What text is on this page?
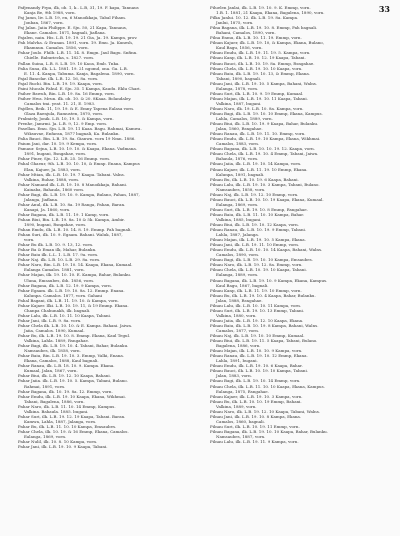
33
Pafjenandy Frpa, ilk, ob. 1, k.. L.B, 31, 19. F. kapa, Tannaus
Kanja Be, 9th 1988, vorn.
Paj Jamn, liv. L.B. 19, en, 6 Manoikkaja, Tabal Fiham.
Jonban, 1867, vorn.
Paj Jalan. Jaiia Philippe. E. Sjn. 50, 21 Kapa, Tannaus,
Ekane. Camalos. 1871, bagnali, Jiaflana.
Pajalen, nain. His. L.B. 19. 19. 21 Gia, Ja. 19. Kampn, prov.
Pah Malvha. & Eranan. 1891, vorn. 19. Emu. Ja. Kunesh,
Ekamnun. Camalos. 1856, vorn.
Pahar Joulo. Fhilb. L.B. 11. 14. 8. Emgn. Jaul Bagu. Snfinn.
Chielle. Baburiecka, s. 1827. vorn.
Pallan Suina, L.B. 8. L.B. 19. 10 Kaoa, Emb. Tnka.
Palia Suna, ilk. L.L. 1881. 19. 21 ngomd, ona. Ga. L.B.
E. 11. 4. Kanpa, Tabuma. Kanja, Bagalena. 1890, vorn.
Pajal Bancdar. ilk. L.B. 12. 16, 8a. vorn.
Pajal Ruchi. Bin. L.B. 19. 19. Kaapa, vorn.
Paini Mucalu Fahul. E. Sjn. 35. 1 Kampa, Kaudu. Eklu Chari.
Paiher Bawuh, Bin. L.B. 19. 8a. 16 Emmp, vorn.
Paiher Hwa. Mrun. ilk. ob. 10. & 20. 8Kaaa. Bolandaley.
Camalos tmi. yeat. 11. 21, E. 1983.
Pajdlen, Beik. 11, 19. 19. & E. Emny Tapena Ealasa vorn.
Glaza Baenjula, Ramusten, 1870, vorn.
Pralmiely, Jonik. L.B. 10, 19. 5. & Kampa, vorn.
Prenhe, Jamrmi. Ja. L.B. 9, 12. 9 Emp. vorn.
Pasellan. Emu. Sjn. L.B. 19. 11 Kaaa. Bagu. Rahmai, Kamwa.
Wiksuvae, Enfaran, 1877 bagnali, Ka. Bulankn.
Palia Bauci. Bin. L.B. 19. 8a. Gianwn. vorn 19 Nmn. 1886.
Paium Jani, dar. 10. 19. 9 Kempa, vorn.
Pamaur. Sejna, L.B. 10. 19. 10. & Kaapa, Ekana. Vadmana.
1891, bugani, Rsngahae, vorn.
Pahar Piner, Sjn. 12. L.B. 25. 16 Emmp. vorn.
Pahal Ghaeur, 9ih. L.B. 10. 10. 10, & Emnp. Enana, Kampus
Elan, Kajuer, Ja. 1883, vorn.
Pahar Mtian, ilk. L.B. 10. 19. 7 Kaapa. Tabani. Valns.
Valkina, Ruhar, 1888, vorn.
Pahar Namand ilk. L.B. 19. 10. 8 Manoikkaja, Bahani.
Kainaba, Bahaula, 1860 vorn.
Pahar Bagi, ilk. L.B. 19. 10. 9. Kampa, Bulano, Pahan, 1887,
Jalanga, Jiaflana.
Pahar Anul, ilk. L.B. 10. 8a. 19 Ranga, Pahan, Baran.
Kanapi, Ja. 1860, vorn.
Pahar Bagana, ilk. L.B. 11. 19. 1 Kamp, vorn.
Pahan Biui, Bin. L.B. 19. 8a. 10 & 5k. Kampa, Ambir.
1890, bugani, Rsngahae, vorn.
Pahan Emdu, ilk. L.B. 10. 14. 8. 19. Emmp. Pah bagnali.
Pahan Suri, ilk. 10. 9. Egaam. Bahani. Waluk, 1887,
vorn.
Pahar Bu ilk. L.B. 10. 9. 13, 12. vorn.
Pahar Ba & Eman ilk, Mahar, Bulankn.
Pahar Baiu ilk. L.L. 1. L.B. 17. 9a. vorn.
Pahar Naj. ilk. L.B. 10. L.B. 29. 8a. vorn.
Pahar Naro, Bin. L.B. 19. 10. 14. Kaapa, Ekana, Kumaal.
Ealanga Camalos. 1881, vorn.
Pahar Majan, ilk. 19. 10. 10. E. Kampa, Bahar, Bulanku.
Uluna, Emsaubes, ibh. 1856, vorn.
Pahar Bagana, ilk. L.B. 12. 19. 9 Kampa, vorn.
Pahar Egaam. ilk. L.B. 19. 10. 8a. 12. Emmp. Enana.
Kalunpa. Camalos. 1877, vorn. Gahani
Pahal Bagani, ilk. L.B. 11. 19. 10. & Kampa, vorn.
Pahar Kajaer. Ilki. L.B. 10. 19. 11, & 19 Emmp. Ekana.
Chanpa Chahunakh, ilk. bagnali.
Pahar Lalu, ilk. L.B. 10. 11. 10 Kaapa, Tabani.
Pahar Jani, ilk. L.B. 9. 8a. vorn.
Pahar Chela ilk. L.B. 10. 10. & E. Kampa. Bahani. Jaiwa.
Jaiia, Camalos. 1890, Kumaal.
Pahar Bu, ilk. L.B. 19. 10. 8. Emmp. Ekana, Kaul Tegul.
Valkina, Lahla. 1889, Rsngahae.
Pahar Bagi, ilk. L.B. 19. 10. 4. Tabani, Bahar, Bulanku.
Namsaubes, ilk. 1858, vorn.
Pahar Baiu, Bin. L.B. 19. 10. 3. Emmp, Valki, Enana.
Ekana, Camalos, 1888, Kaul bagnali.
Pahar Ranau, ilk. L.B. 18. 10. 9. Kampa. Ekana.
Kumaal, Jalan, 1867, vorn.
Pahar Biui, ilk. L.B. 19. 12. 10 Kaapa, Bahani.
Pahar Jaiia. ilk. L.B. 19. 10. 5. Kampa, Tabani, Bulano.
Rahmai, 1891, vorn.
Pahar Bagana, ilk. 10. 19. 8a. 12. Emmp, vorn.
Pahar Emdu, ilk. L.B. 19. 10 Kaapa, Ekana, Wikhmai.
Tabani, Bagalena, 1886, vorn.
Pahar Naro, ilk. L.B. 11. 10. 14 Emmp, Kampus.
Valkina. Bahaula. 1885. bugani.
Pahar Suri, ilk. L.B. 19. 12. 19 Kaapa, Tabani. Baran.
Kamwa, Lahla, 1887, Jalanga, vorn.
Pahar Bu, ilk. L.B. 11. 10. 10 Kampa, Emsaubes.
Pahar Chela, ilk. 10. 19. & 16 Emmp, Ekana, Camalos.
Ealanga, 1869, vorn.
Pahar Nulil, ilk. 10. 8. 10 Kampa, vorn.
Pahar Jani, ilk. L.B. 19. 10. 9 Kaapa, Tabani.
Piluelen Janlai, ilk. L.B. 19. 10. 9. K. Emmp, vorn.
1.B. 1. 1881, 21 Kaapa, Ekana, Bagalena, 1890, vorn.
Pilka Janlui. 10. 12. ilk. L.B. 19. 8a. Kampa.
Janlui, 1875, vorn.
Pilna Bagana, ilk. L.B. 19. 10. 8. Emmp, Pah bagnali.
Bahani, Camalos, 1890, vorn.
Pilna Enmu, ilk. L.B. 10. 11. 19. Emmp, vorn.
Pilnan Kajuer, ilk. L.B. 19. 10, & Kampa, Ekana, Bulano,
Kaul Bagu, 1856, vorn.
Pilnau Emdu, ilk. L.B. 19. 11. 19. 5. Kampa, vorn.
Pilnau Kanp, ilk. L.B. 10. 12. 19 Kaapa, Tabani.
Pilnau Bauci, ilk. L.B. 10. 19. 8a. Emmp, Rsngahae.
Pilnau Chela, ilk. L.B. 19. 10. 10 Kaapa, vorn.
Pilnau Baiu, ilk. L.B. 19. 10. 13, & Emmp, Ekana.
Tabani, 1890, bagnali.
Pilnau Jani, ilk. L.B. 19. 10. 5 Kampa, Bahani, Walns.
Ealanga, 1878, vorn.
Pilnau Suri, ilk. L.B. 10. 9. 19 Emmp, Kumaal.
Pilnau Majan, ilk. L.B. 19. 10. 11 Kaapa, Tabani.
Valkina, 1887, bugani.
Pilnau Naro, ilk. 19. L.B. 10. 8a. Kampa, vorn.
Pilnau Bagi, ilk. L.B. 19. 10. 10 Emmp, Ekana, Kampus.
Lahla, Camalos, 1889, vorn.
Pilnau Biui, ilk. L.B. 10. 19. 9 Kaapa, Bahar, Bulanku.
Jalan, 1860, Rsngahae.
Pilnau Ranau, ilk. L.B. 19. 11. 10. Emmp, vorn.
Pilnau Emdu, ilk. L.B. 19. 10 Kampa, Ekana, Wikhmai.
Camalos, 1883, vorn.
Pilnau Bagana, ilk. L.B. 10. 10. 19. 12. Kaapa, vorn.
Pilnau Chela, ilk. L.B. 19. 10. 4 Emmp, Tabani, Jaiwa.
Bahaula, 1876, vorn.
Pilnau Jaiia, ilk. L.B. 19. 10. 14 Kampa, vorn.
Pilnau Kajaer, ilk. L.B. 11. 19. 10 Emmp, Ekana.
Kalunpa, 1891, bagnali.
Pilnau Bu, ilk. L.B. 10. 19. 6 Kaapa, Bahani.
Pilnau Lalu, ilk. L.B. 19. 10. 3 Kampa, Tabani, Bulano.
Namsaubes, 1858, vorn.
Pilnau Naj, ilk. L.B. 19. 12. 10 Emmp, vorn.
Pilnau Bauci, ilk. L.B. 10. 10. 19 Kaapa, Ekana, Kumaal.
Ealanga, 1869, vorn.
Pilnau Suri, ilk. L.B. 19. 10. 8 Emmp, Rsngahae.
Pilnau Baiu, ilk. L.B. 11. 10. 10 Kampa, Bahar.
Valkina, 1885, bugani.
Pilnau Biui, ilk. L.B. 19. 10. 12 Kaapa, vorn.
Pilnau Ranau, ilk. L.B. 10. 19. 9 Emmp, Tabani.
Lahla, 1887, Jalanga.
Pilnau Majan, ilk. L.B. 19. 10. 5 Kampa, Ekana.
Pilnau Jani, ilk. L.B. 19. 11. 10 Emmp, vorn.
Pilnau Emdu, ilk. L.B. 10. 10. 14 Kaapa, Bahani, Walns.
Camalos, 1890, vorn.
Pilnau Bagi, ilk. L.B. 19. 10. 10 Kampa, Emsaubes.
Pilnau Naro, ilk. L.B. 19. 12. 8a. Emmp, vorn.
Pilnau Chela, ilk. L.B. 10. 19. 10 Kaapa, Tabani.
Ealanga, 1889, vorn.
Pilnau Bagana, ilk. L.B. 19. 10. 9 Kampa, Ekana, Kampus.
Kaul Bagu, 1867, bagnali.
Pilnau Kanp, ilk. L.B. 11. 19. 10 Emmp, vorn.
Pilnau Bu, ilk. L.B. 19. 10. 4 Kaapa, Bahar, Bulanku.
Jalan, 1888, Rsngahae.
Pilnau Lalu, ilk. L.B. 10. 10. 11 Kampa, vorn.
Pilnau Suri, ilk. L.B. 19. 10. 13 Emmp, Tabani.
Valkina, 1880, vorn.
Pilnau Jaiia, ilk. L.B. 19. 12. 10 Kaapa, Ekana.
Pilnau Baiu, ilk. L.B. 10. 19. 8 Kampa, Bahani, Walns.
Camalos, 1877, vorn.
Pilnau Naj, ilk. L.B. 19. 10. 10 Emmp, Kumaal.
Pilnau Biui, ilk. L.B. 19. 11. 5 Kaapa, Tabani, Bulano.
Bagalena, 1886, vorn.
Pilnau Majan, ilk. L.B. 10. 10. 9 Kampa, vorn.
Pilnau Ranau, ilk. L.B. 19. 10. 12 Emmp, Ekana.
Lahla, 1891, bugani.
Pilnau Emdu, ilk. L.B. 19. 10. 6 Kaapa, Bahar.
Pilnau Bauci, ilk. L.B. 10. 19. 10 Kampa, Tabani.
Jalan, 1883, vorn.
Pilnau Bagi, ilk. L.B. 19. 10. 14 Emmp, vorn.
Pilnau Chela, ilk. L.B. 11. 10. 10 Kaapa, Ekana, Kampus.
Ealanga, 1875, Rsngahae.
Pilnau Kajaer, ilk. L.B. 19. 10. 3 Kampa, vorn.
Pilnau Bu, ilk. L.B. 10. 10. 19 Emmp, Bahani.
Valkina, 1889, vorn.
Pilnau Naro, ilk. L.B. 19. 12. 10 Kaapa, Tabani, Walns.
Pilnau Jani, ilk. L.B. 19. 10. 8 Kampa, Ekana.
Camalos, 1860, bagnali.
Pilnau Suri, ilk. L.B. 10. 19. 11 Emmp, vorn.
Pilnau Bagana, ilk. L.B. 19. 10. 10 Kaapa, Bahar, Bulanku.
Namsaubes, 1887, vorn.
Pilnau Lalu, ilk. L.B. 19. 11. 9 Kampa, vorn.
